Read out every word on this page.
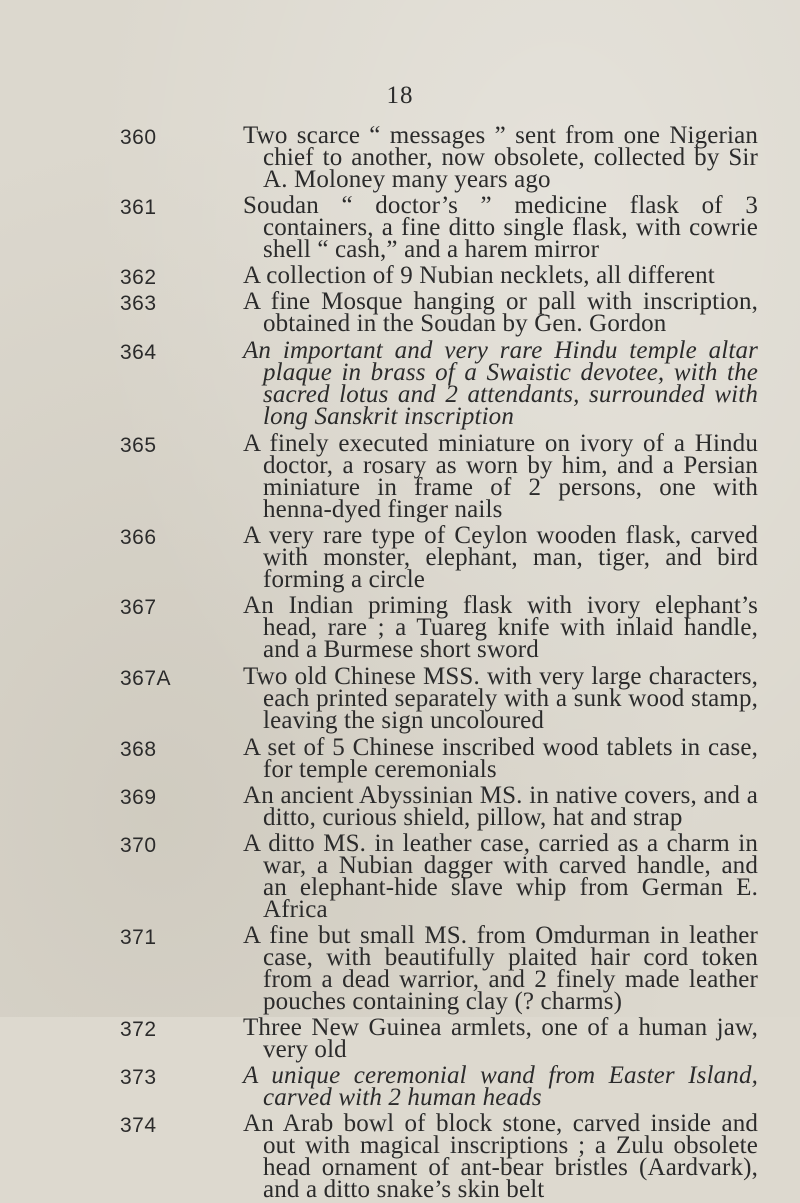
18
360	Two scarce “ messages ” sent from one Nigerian chief to another, now obsolete, collected by Sir A. Moloney many years ago
361	Soudan “ doctor’s ” medicine flask of 3 containers, a fine ditto single flask, with cowrie shell “ cash,” and a harem mirror
362	A collection of 9 Nubian necklets, all different
363	A fine Mosque hanging or pall with inscription, obtained in the Soudan by Gen. Gordon
364	An important and very rare Hindu temple altar plaque in brass of a Swaistic devotee, with the sacred lotus and 2 attendants, surrounded with long Sanskrit inscription
365	A finely executed miniature on ivory of a Hindu doctor, a rosary as worn by him, and a Persian miniature in frame of 2 persons, one with henna-dyed finger nails
366	A very rare type of Ceylon wooden flask, carved with monster, elephant, man, tiger, and bird forming a circle
367	An Indian priming flask with ivory elephant’s head, rare ; a Tuareg knife with inlaid handle, and a Burmese short sword
367A	Two old Chinese MSS. with very large characters, each printed separately with a sunk wood stamp, leaving the sign uncoloured
368	A set of 5 Chinese inscribed wood tablets in case, for temple ceremonials
369	An ancient Abyssinian MS. in native covers, and a ditto, curious shield, pillow, hat and strap
370	A ditto MS. in leather case, carried as a charm in war, a Nubian dagger with carved handle, and an elephant-hide slave whip from German E. Africa
371	A fine but small MS. from Omdurman in leather case, with beautifully plaited hair cord token from a dead warrior, and 2 finely made leather pouches containing clay (? charms)
372	Three New Guinea armlets, one of a human jaw, very old
373	A unique ceremonial wand from Easter Island, carved with 2 human heads
374	An Arab bowl of block stone, carved inside and out with magical inscriptions ; a Zulu obsolete head ornament of ant-bear bristles (Aardvark), and a ditto snake’s skin belt
